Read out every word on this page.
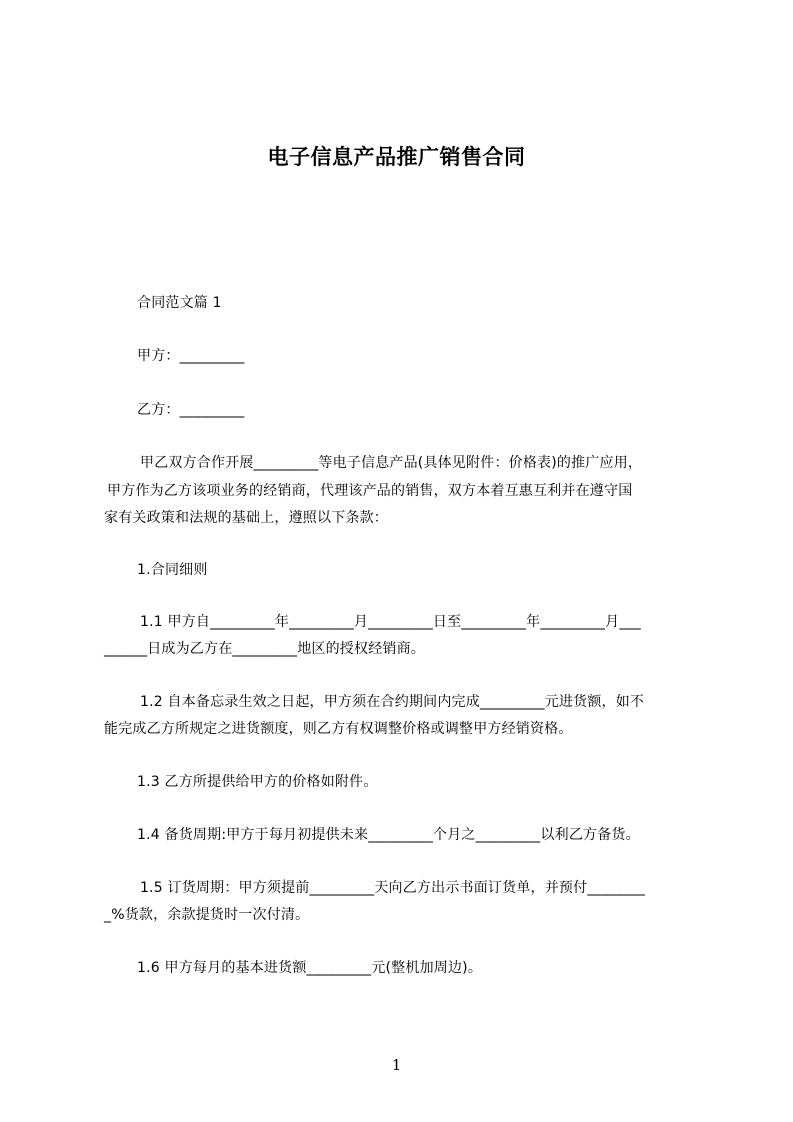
电子信息产品推广销售合同
合同范文篇 1
甲方：_________
乙方：_________
甲乙双方合作开展_________等电子信息产品(具体见附件：价格表)的推广应用，
甲方作为乙方该项业务的经销商，代理该产品的销售，双方本着互惠互利并在遵守国
家有关政策和法规的基础上，遵照以下条款：
1.合同细则
1.1 甲方自_________年_________月_________日至_________年_________月___
______日成为乙方在_________地区的授权经销商。
1.2 自本备忘录生效之日起，甲方须在合约期间内完成_________元进货额，如不
能完成乙方所规定之进货额度，则乙方有权调整价格或调整甲方经销资格。
1.3 乙方所提供给甲方的价格如附件。
1.4 备货周期:甲方于每月初提供未来_________个月之_________以利乙方备货。
1.5 订货周期：甲方须提前_________天向乙方出示书面订货单，并预付________
_%货款，余款提货时一次付清。
1.6 甲方每月的基本进货额_________元(整机加周边)。
1
